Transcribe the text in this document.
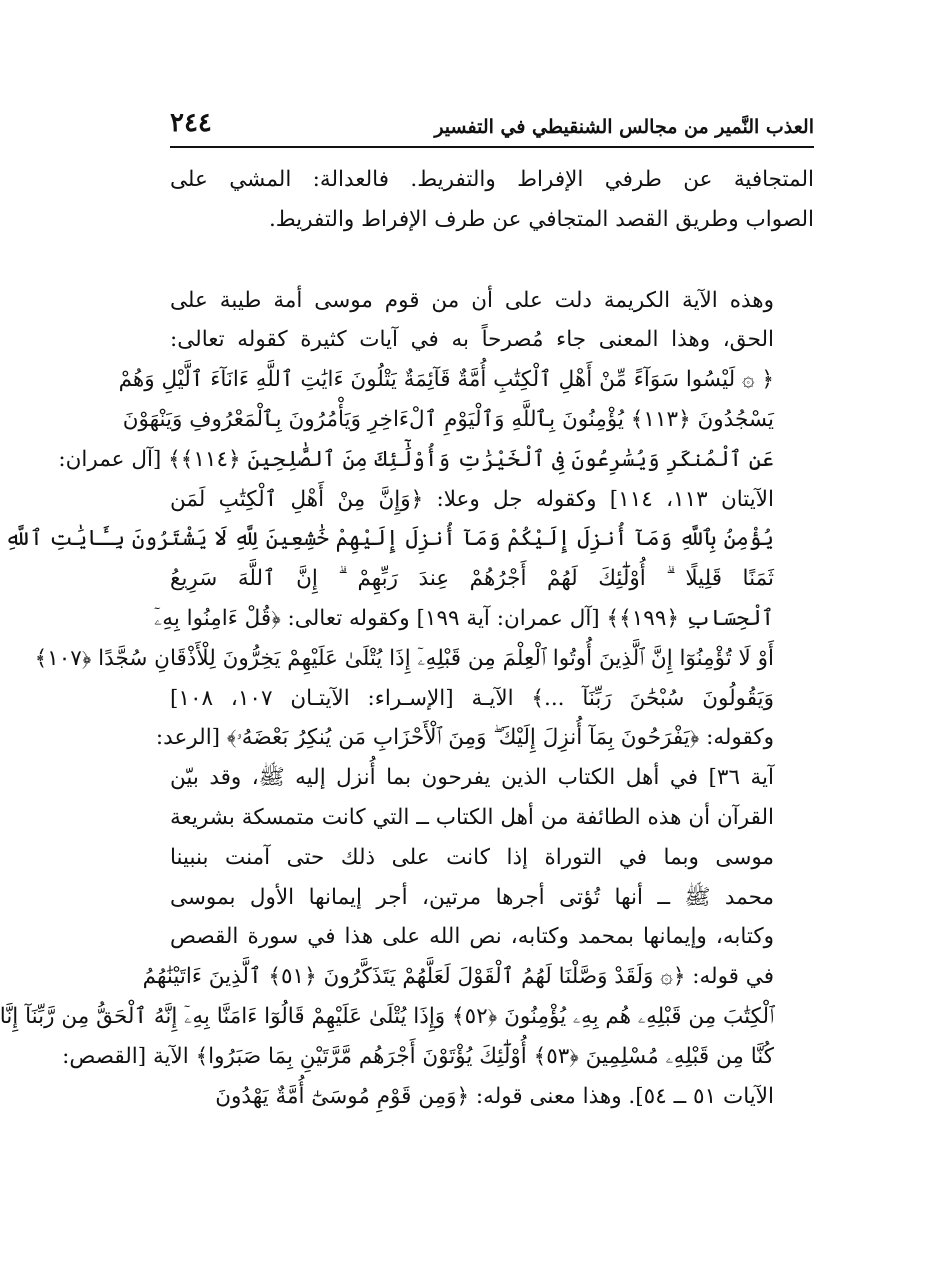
العذب النَّمير من مجالس الشنقيطي في التفسير
٢٤٤

المتجافية عن طرفي الإفراط والتفريط. فالعدالة: المشي على
الصواب وطريق القصد المتجافي عن طرف الإفراط والتفريط.

وهذه الآية الكريمة دلت على أن من قوم موسى أمة طيبة على
الحق، وهذا المعنى جاء مُصرحاً به في آيات كثيرة كقوله تعالى:
﴿ ۞ لَيْسُوا سَوَآءً مِّنْ أَهْلِ ٱلْكِتَٰبِ أُمَّةٌ قَآئِمَةٌ يَتْلُونَ ءَايَٰتِ ٱللَّهِ ءَانَآءَ ٱلَّيْلِ وَهُمْ
يَسْجُدُونَ ﴿١١٣﴾ يُؤْمِنُونَ بِٱللَّهِ وَٱلْيَوْمِ ٱلْءَاخِرِ وَيَأْمُرُونَ بِٱلْمَعْرُوفِ وَيَنْهَوْنَ
عَنِ ٱلْمُنكَرِ وَيُسَٰرِعُونَ فِى ٱلْخَيْرَٰتِ وَأُوْلَٰٓئِكَ مِنَ ٱلصَّٰلِحِينَ ﴿١١٤﴾﴾ [آل عمران:
الآيتان ١١٣، ١١٤] وكقوله جل وعلا: ﴿وَإِنَّ مِنْ أَهْلِ ٱلْكِتَٰبِ لَمَن
يُؤْمِنُ بِٱللَّهِ وَمَآ أُنزِلَ إِلَيْكُمْ وَمَآ أُنزِلَ إِلَيْهِمْ خَٰشِعِينَ لِلَّهِ لَا يَشْتَرُونَ بِـَٔايَٰتِ ٱللَّهِ
ثَمَنًا قَلِيلًا ۗ أُوْلَٰٓئِكَ لَهُمْ أَجْرُهُمْ عِندَ رَبِّهِمْ ۗ إِنَّ ٱللَّهَ سَرِيعُ
ٱلْحِسَابِ ﴿١٩٩﴾﴾ [آل عمران: آية ١٩٩] وكقوله تعالى: ﴿قُلْ ءَامِنُوا بِهِۦٓ
أَوْ لَا تُؤْمِنُوٓا إِنَّ ٱلَّذِينَ أُوتُوا ٱلْعِلْمَ مِن قَبْلِهِۦٓ إِذَا يُتْلَىٰ عَلَيْهِمْ يَخِرُّونَ لِلْأَذْقَانِ سُجَّدًا ﴿١٠٧﴾
وَيَقُولُونَ سُبْحَٰنَ رَبِّنَآ ...﴾ الآيـة [الإسـراء: الآيتـان ١٠٧، ١٠٨]
وكقوله: ﴿يَفْرَحُونَ بِمَآ أُنزِلَ إِلَيْكَ ۖ وَمِنَ ٱلْأَحْزَابِ مَن يُنكِرُ بَعْضَهُۥ﴾ [الرعد:
آية ٣٦] في أهل الكتاب الذين يفرحون بما أُنزل إليه ﷺ، وقد بيّن
القرآن أن هذه الطائفة من أهل الكتاب ــ التي كانت متمسكة بشريعة
موسى وبما في التوراة إذا كانت على ذلك حتى آمنت بنبينا
محمد ﷺ ــ أنها تُؤتى أجرها مرتين، أجر إيمانها الأول بموسى
وكتابه، وإيمانها بمحمد وكتابه، نص الله على هذا في سورة القصص
في قوله: ﴿۞ وَلَقَدْ وَصَّلْنَا لَهُمُ ٱلْقَوْلَ لَعَلَّهُمْ يَتَذَكَّرُونَ ﴿٥١﴾ ٱلَّذِينَ ءَاتَيْنَٰهُمُ
ٱلْكِتَٰبَ مِن قَبْلِهِۦ هُم بِهِۦ يُؤْمِنُونَ ﴿٥٢﴾ وَإِذَا يُتْلَىٰ عَلَيْهِمْ قَالُوٓا ءَامَنَّا بِهِۦٓ إِنَّهُ ٱلْحَقُّ مِن رَّبِّنَآ إِنَّا
كُنَّا مِن قَبْلِهِۦ مُسْلِمِينَ ﴿٥٣﴾ أُوْلَٰٓئِكَ يُؤْتَوْنَ أَجْرَهُم مَّرَّتَيْنِ بِمَا صَبَرُوا﴾ الآية [القصص:
الآيات ٥١ ــ ٥٤]. وهذا معنى قوله: ﴿وَمِن قَوْمِ مُوسَىٰٓ أُمَّةٌ يَهْدُونَ
